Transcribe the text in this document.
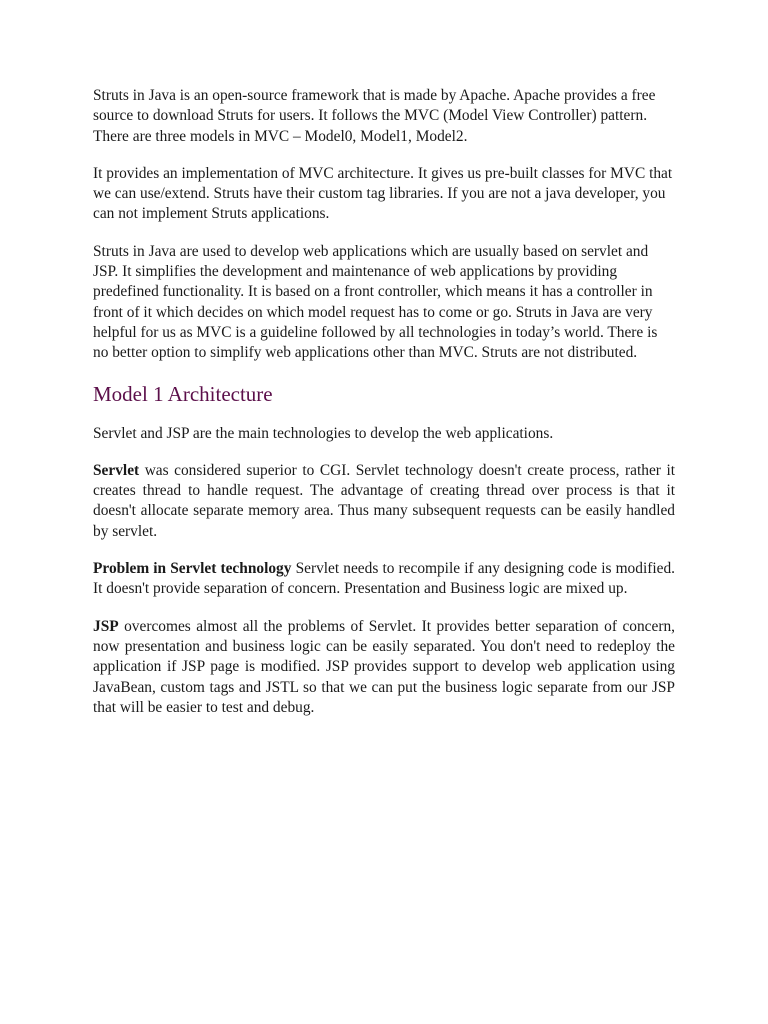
Struts in Java is an open-source framework that is made by Apache. Apache provides a free source to download Struts for users. It follows the MVC (Model View Controller) pattern. There are three models in MVC – Model0, Model1, Model2.

It provides an implementation of MVC architecture. It gives us pre-built classes for MVC that we can use/extend. Struts have their custom tag libraries. If you are not a java developer, you can not implement Struts applications.

Struts in Java are used to develop web applications which are usually based on servlet and JSP. It simplifies the development and maintenance of web applications by providing predefined functionality. It is based on a front controller, which means it has a controller in front of it which decides on which model request has to come or go. Struts in Java are very helpful for us as MVC is a guideline followed by all technologies in today’s world. There is no better option to simplify web applications other than MVC. Struts are not distributed.

Model 1 Architecture

Servlet and JSP are the main technologies to develop the web applications.

Servlet was considered superior to CGI. Servlet technology doesn't create process, rather it creates thread to handle request. The advantage of creating thread over process is that it doesn't allocate separate memory area. Thus many subsequent requests can be easily handled by servlet.

Problem in Servlet technology Servlet needs to recompile if any designing code is modified. It doesn't provide separation of concern. Presentation and Business logic are mixed up.

JSP overcomes almost all the problems of Servlet. It provides better separation of concern, now presentation and business logic can be easily separated. You don't need to redeploy the application if JSP page is modified. JSP provides support to develop web application using JavaBean, custom tags and JSTL so that we can put the business logic separate from our JSP that will be easier to test and debug.
